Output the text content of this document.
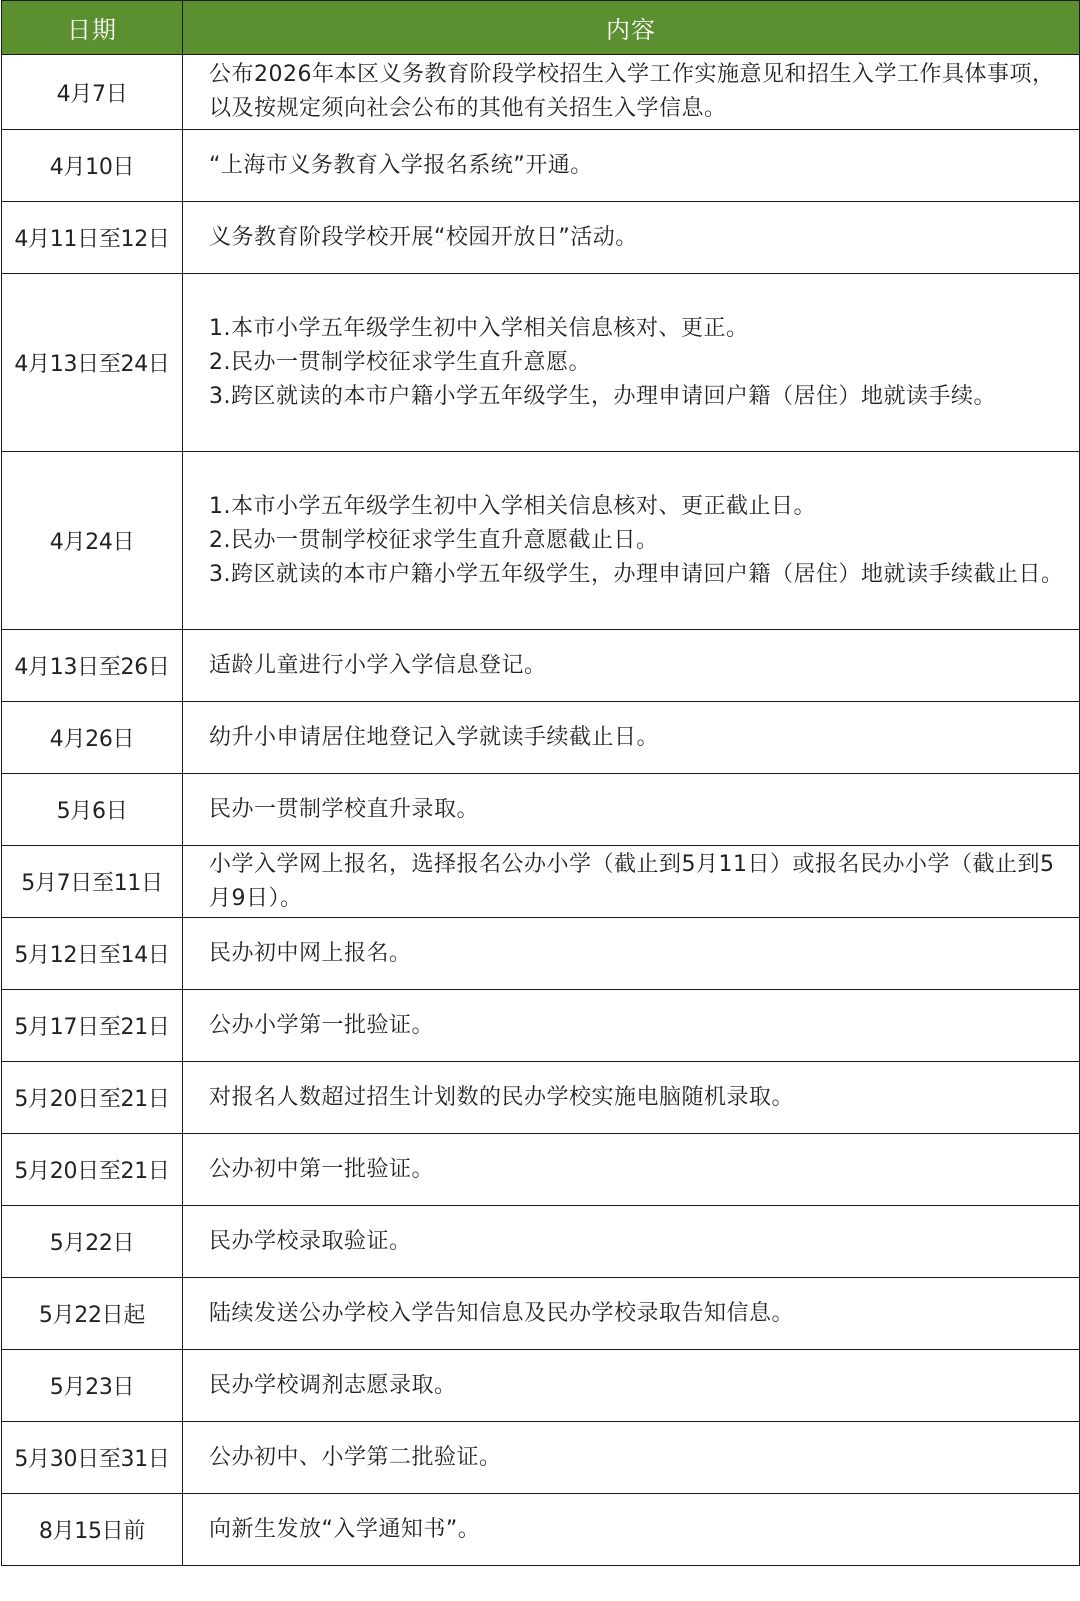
日期	内容
4月7日	公布2026年本区义务教育阶段学校招生入学工作实施意见和招生入学工作具体事项，以及按规定须向社会公布的其他有关招生入学信息。

4月10日	“上海市义务教育入学报名系统”开通。

4月11日至12日	义务教育阶段学校开展“校园开放日”活动。

4月13日至24日	1.本市小学五年级学生初中入学相关信息核对、更正。
2.民办一贯制学校征求学生直升意愿。
3.跨区就读的本市户籍小学五年级学生，办理申请回户籍（居住）地就读手续。

4月24日	1.本市小学五年级学生初中入学相关信息核对、更正截止日。
2.民办一贯制学校征求学生直升意愿截止日。
3.跨区就读的本市户籍小学五年级学生，办理申请回户籍（居住）地就读手续截止日。

4月13日至26日	适龄儿童进行小学入学信息登记。

4月26日	幼升小申请居住地登记入学就读手续截止日。

5月6日	民办一贯制学校直升录取。

5月7日至11日	小学入学网上报名，选择报名公办小学（截止到5月11日）或报名民办小学（截止到5月9日）。

5月12日至14日	民办初中网上报名。

5月17日至21日	公办小学第一批验证。

5月20日至21日	对报名人数超过招生计划数的民办学校实施电脑随机录取。

5月20日至21日	公办初中第一批验证。

5月22日	民办学校录取验证。

5月22日起	陆续发送公办学校入学告知信息及民办学校录取告知信息。

5月23日	民办学校调剂志愿录取。

5月30日至31日	公办初中、小学第二批验证。

8月15日前	向新生发放“入学通知书”。
